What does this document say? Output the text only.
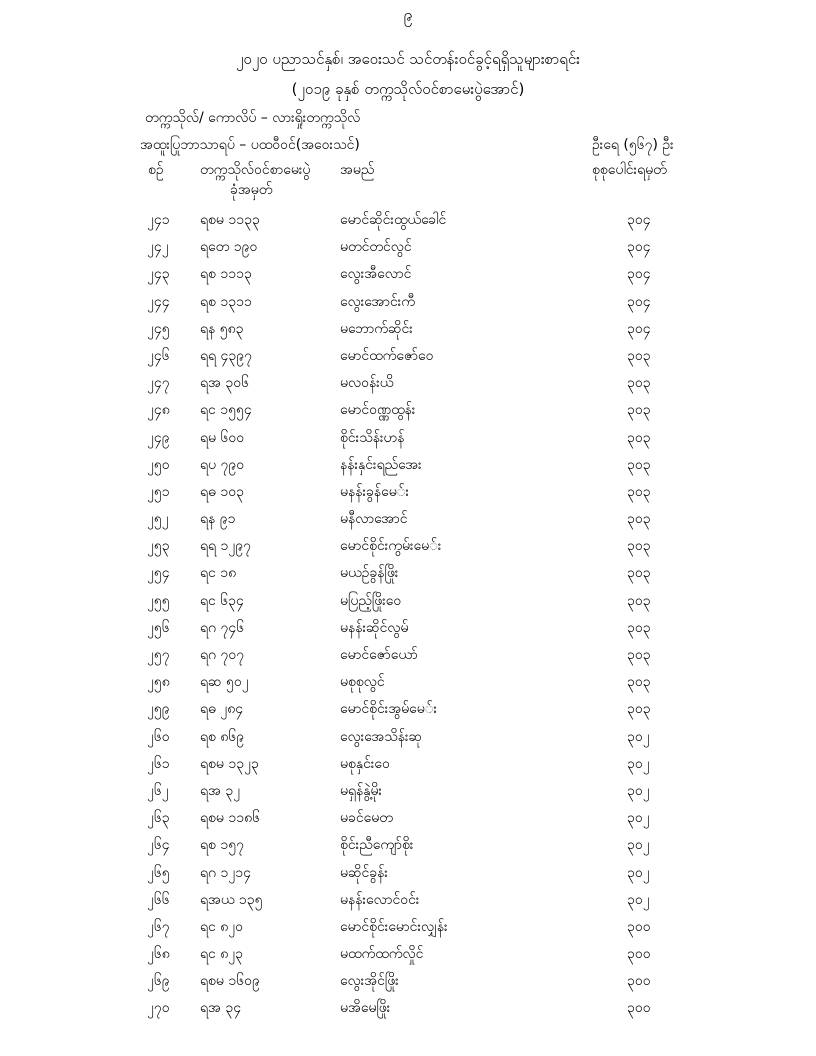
၉
၂၀၂၀ ပညာသင်နှစ်၊ အဝေးသင် သင်တန်းဝင်ခွင့်ရရှိသူများစာရင်း
(၂၀၁၉ ခုနှစ် တက္ကသိုလ်ဝင်စာမေးပွဲအောင်)
တက္ကသိုလ်/ ကောလိပ် – လားရှိုးတက္ကသိုလ်
အထူးပြုဘာသာရပ် – ပထဝီဝင်(အဝေးသင်)	ဦးရေ (၅၆၇) ဦး
စဉ်	တက္ကသိုလ်ဝင်စာမေးပွဲ
ခုံအမှတ်
အမည်	စုစုပေါင်းရမှတ်
၂၄၁ ရစမ ၁၁၃၃	မောင်ဆိုင်းထွယ်ခေါင်	၃၀၄
၂၄၂ ရတေ ၁၉၀	မတင်တင်လွင်	၃၀၄
၂၄၃ ရစ ၁၁၁၃	လွေးအီလောင်	၃၀၄
၂၄၄ ရစ ၁၃၁၁	လွေးအောင်းကီ	၃၀၄
၂၄၅ ရန ၅၈၃	မဘောက်ဆိုင်း	၃၀၄
၂၄၆ ရရ ၄၃၉၇	မောင်ထက်ဇော်ဝေ	၃၀၃
၂၄၇ ရအ ၃၀၆	မလဝန်းယိ	၃၀၃
၂၄၈ ရင ၁၅၅၄	မောင်ဝဏ္ဏထွန်း	၃၀၃
၂၄၉ ရမ ၆၀၀	စိုင်းသိန်းဟန်	၃၀၃
၂၅၀ ရပ ၇၉၀	နန်းနှင်းရည်အေး	၃၀၃
၂၅၁ ရဓ ၁၀၃	မနန်းခွန်မေ်း	၃၀၃
၂၅၂ ရန ၉၁	မနီလာအောင်	၃၀၃
၂၅၃ ရရ ၁၂၉၇	မောင်စိုင်းကွမ်းမေ်း	၃၀၃
၂၅၄ ရင ၁၈	မယဉ်ခွန်ဖြိုး	၃၀၃
၂၅၅ ရင ၆၃၄	မပြည့်ဖြိုးဝေ	၃၀၃
၂၅၆ ရဂ ၇၄၆	မနန်းဆိုင်လွမ်	၃၀၃
၂၅၇ ရဂ ၇၀၇	မောင်ဇော်ယော်	၃၀၃
၂၅၈ ရဆ ၅၀၂	မစုစုလွင်	၃၀၃
၂၅၉ ရဓ ၂၈၄	မောင်စိုင်းအွမ်မေ်း	၃၀၃
၂၆၀ ရစ ၈၆၉	လွေးအေသိန်းဆု	၃၀၂
၂၆၁ ရစမ ၁၃၂၃	မစုနှင်းဝေ	၃၀၂
၂၆၂ ရအ ၃၂	မရှန်နွဲ့မိုး	၃၀၂
၂၆၃ ရစမ ၁၁၈၆	မခင်မေတ	၃၀၂
၂၆၄ ရစ ၁၅၇	စိုင်းညီကျော်စိုး	၃၀၂
၂၆၅ ရဂ ၁၂၁၄	မဆိုင်ခွန်း	၃၀၂
၂၆၆ ရအယ ၁၃၅	မနန်းလောင်ဝင်း	၃၀၂
၂၆၇ ရင ၈၂၀	မောင်စိုင်းမောင်းလျှန်း	၃၀၀
၂၆၈ ရင ၈၂၃	မထက်ထက်လှိုင်	၃၀၀
၂၆၉ ရစမ ၁၆၀၉	လွေးအိုင်ဖြိုး	၃၀၀
၂၇၀ ရအ ၃၄	မအိမေဖြိုး	၃၀၀
